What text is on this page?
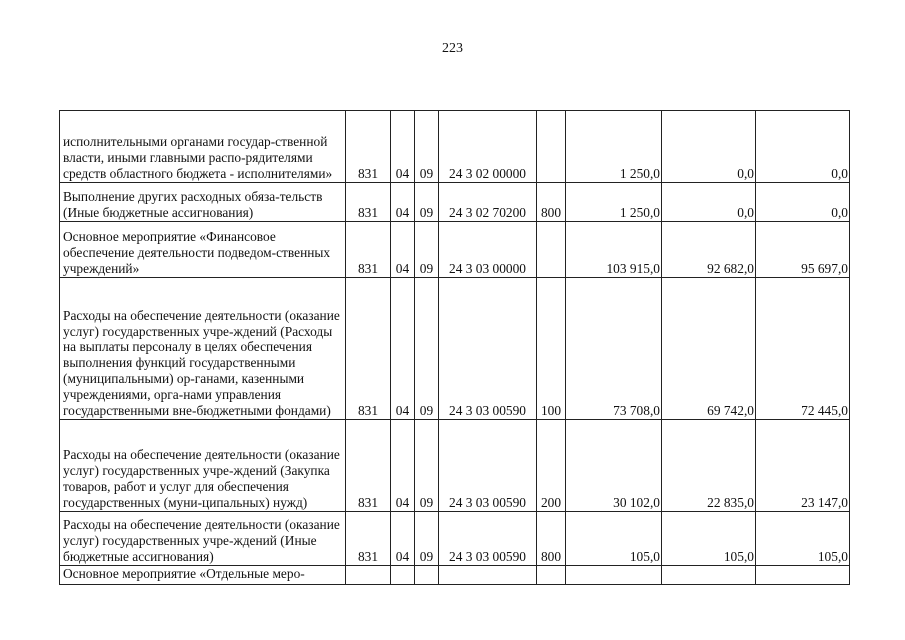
223
исполнительными органами государ-ственной власти, иными главными распо-рядителями средств областного бюджета - исполнителями»	831	04	09	24 3 02 00000		1 250,0	0,0	0,0
Выполнение других расходных обяза-тельств (Иные бюджетные ассигнования)	831	04	09	24 3 02 70200	800	1 250,0	0,0	0,0
Основное мероприятие «Финансовое обеспечение деятельности подведом-ственных учреждений»	831	04	09	24 3 03 00000		103 915,0	92 682,0	95 697,0
Расходы на обеспечение деятельности (оказание услуг) государственных учре-ждений (Расходы на выплаты персоналу в целях обеспечения выполнения функций государственными (муниципальными) ор-ганами, казенными учреждениями, орга-нами управления государственными вне-бюджетными фондами)	831	04	09	24 3 03 00590	100	73 708,0	69 742,0	72 445,0
Расходы на обеспечение деятельности (оказание услуг) государственных учре-ждений (Закупка товаров, работ и услуг для обеспечения государственных (муни-ципальных) нужд)	831	04	09	24 3 03 00590	200	30 102,0	22 835,0	23 147,0
Расходы на обеспечение деятельности (оказание услуг) государственных учре-ждений (Иные бюджетные ассигнования)	831	04	09	24 3 03 00590	800	105,0	105,0	105,0
Основное мероприятие «Отдельные меро-								
